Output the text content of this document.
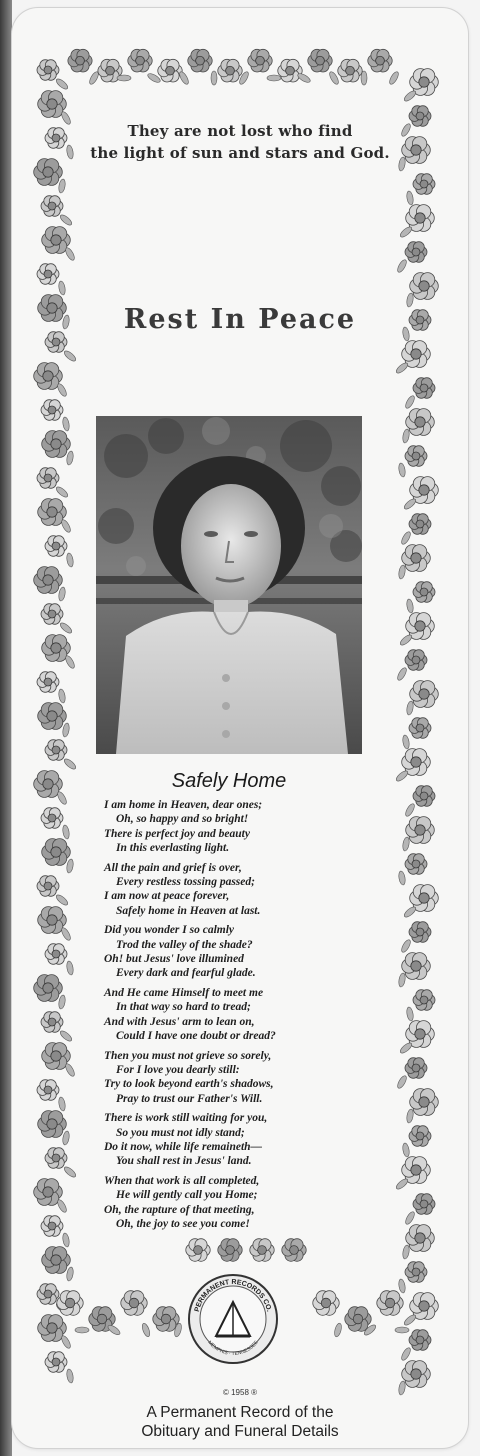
They are not lost who find
the light of sun and stars and God.
Rest In Peace
Safely Home
I am home in Heaven, dear ones;
Oh, so happy and so bright!
There is perfect joy and beauty
In this everlasting light.
All the pain and grief is over,
Every restless tossing passed;
I am now at peace forever,
Safely home in Heaven at last.
Did you wonder I so calmly
Trod the valley of the shade?
Oh! but Jesus' love illumined
Every dark and fearful glade.
And He came Himself to meet me
In that way so hard to tread;
And with Jesus' arm to lean on,
Could I have one doubt or dread?
Then you must not grieve so sorely,
For I love you dearly still:
Try to look beyond earth's shadows,
Pray to trust our Father's Will.
There is work still waiting for you,
So you must not idly stand;
Do it now, while life remaineth—
You shall rest in Jesus' land.
When that work is all completed,
He will gently call you Home;
Oh, the rapture of that meeting,
Oh, the joy to see you come!
PERMANENT RECORDS CO.
MEMPHIS · TENNESSEE
© 1958 ®
A Permanent Record of the
Obituary and Funeral Details
